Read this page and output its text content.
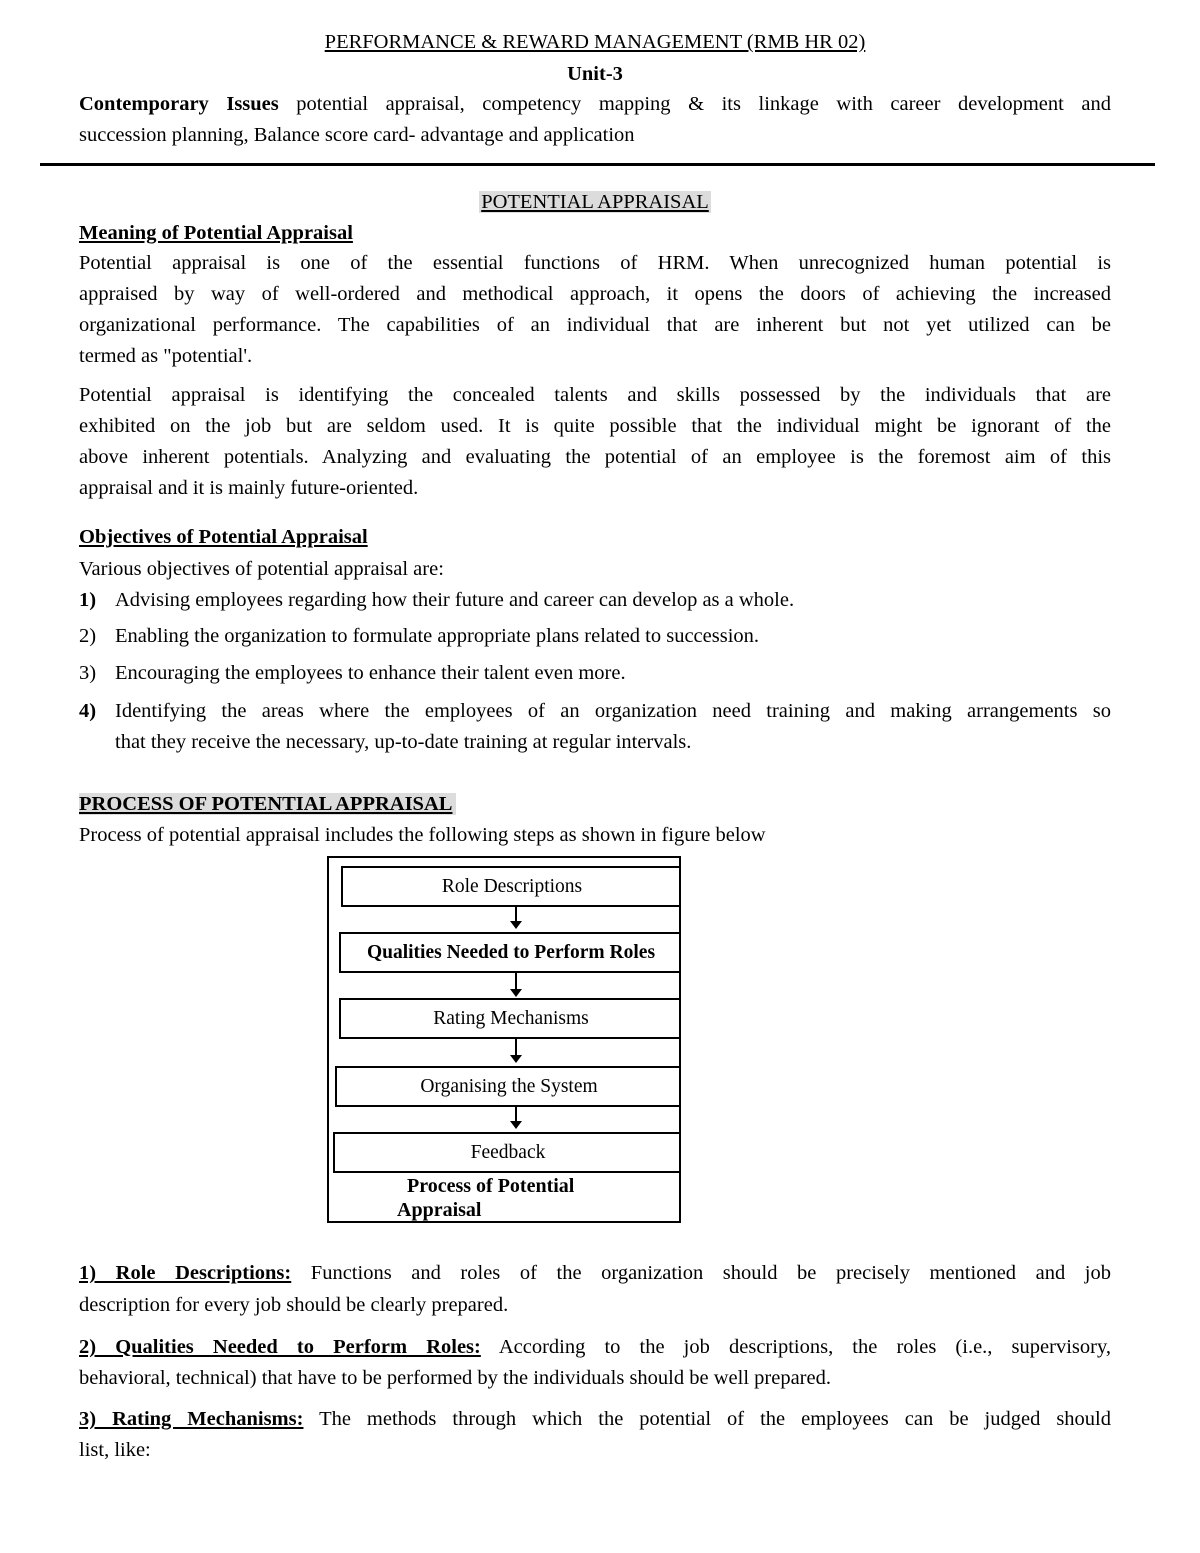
PERFORMANCE & REWARD MANAGEMENT (RMB HR 02)
Unit-3
Contemporary Issues potential appraisal, competency mapping & its linkage with career development and
succession planning, Balance score card- advantage and application
POTENTIAL APPRAISAL
Meaning of Potential Appraisal
Potential appraisal is one of the essential functions of HRM. When unrecognized human potential is
appraised by way of well-ordered and methodical approach, it opens the doors of achieving the increased
organizational performance. The capabilities of an individual that are inherent but not yet utilized can be
termed as "potential'.
Potential appraisal is identifying the concealed talents and skills possessed by the individuals that are
exhibited on the job but are seldom used. It is quite possible that the individual might be ignorant of the
above inherent potentials. Analyzing and evaluating the potential of an employee is the foremost aim of this
appraisal and it is mainly future-oriented.
Objectives of Potential Appraisal
Various objectives of potential appraisal are:
1) Advising employees regarding how their future and career can develop as a whole.
2) Enabling the organization to formulate appropriate plans related to succession.
3) Encouraging the employees to enhance their talent even more.
4) Identifying the areas where the employees of an organization need training and making arrangements so
that they receive the necessary, up-to-date training at regular intervals.
PROCESS OF POTENTIAL APPRAISAL
Process of potential appraisal includes the following steps as shown in figure below
Role Descriptions
Qualities Needed to Perform Roles
Rating Mechanisms
Organising the System
Feedback
Process of Potential
Appraisal
1) Role Descriptions: Functions and roles of the organization should be precisely mentioned and job
description for every job should be clearly prepared.
2) Qualities Needed to Perform Roles: According to the job descriptions, the roles (i.e., supervisory,
behavioral, technical) that have to be performed by the individuals should be well prepared.
3) Rating Mechanisms: The methods through which the potential of the employees can be judged should
list, like:
